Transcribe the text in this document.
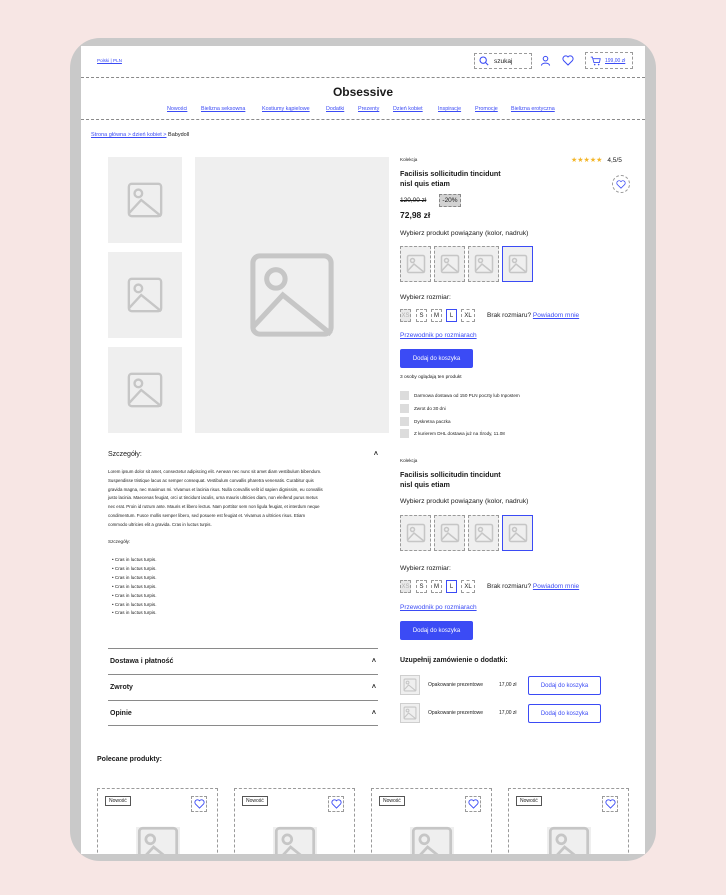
Polski | PLN	szukaj	199,00 zł
Obsessive
Nowości	Bielizna seksowna	Kostiumy kąpielowe	Dodatki	Prezenty	Dzień kobiet	Inspiracje	Promocje Bielizna erotyczna
Strona główna > dzień kobiet > Babydoll
Kolekcja	★★★★★ 4,5/5
Facilisis sollicitudin tincidunt
nisl quis etiam
120,00 zł	-20%
72,98 zł
Wybierz produkt powiązany (kolor, nadruk)
Wybierz rozmiar:
XS	S	M	L	XL	Brak rozmiaru? Powiadom mnie
Przewodnik po rozmiarach
Dodaj do koszyka
3 osoby oglądają ten produkt
Darmowa dostawa od 150 PLN poczty lub Inpostem
Zwrot do 30 dni
Dyskretna paczka
Z kurierem DHL dostawa już na Środy, 11.08
Szczegóły:	˄
Lorem ipsum dolor sit amet, consectetur adipiscing elit. Aenean nec nunc sit amet diam vestibulum bibendum.
Suspendisse tristique lacus ac semper consequat. Vestibulum convallis pharetra venenatis. Curabitur quis
gravida magna, nec maximus mi. Vivamus et lacinia risus. Nulla convallis velit id sapien dignissim, eu convallis
justo lacinia. Maecenas feugiat, orci ut tincidunt iaculis, urna mauris ultricies diam, non eleifend purus metus
nec erat. Proin id rutrum ante. Mauris et libero lectus. Nam porttitor sem non ligula feugiat, et interdum neque
condimentum. Fusce mollis semper libero, sed posuere est feugiat et. Vivamus a ultricies risus. Etiam
commodo ultricies elit a gravida. Cras in luctus turpis.
Szczegóły:
• Cras in luctus turpis.
• Cras in luctus turpis.
• Cras in luctus turpis.
• Cras in luctus turpis.
• Cras in luctus turpis.
• Cras in luctus turpis.
• Cras in luctus turpis.
Dostawa i płatność	˄
Zwroty	˄
Opinie	˄
Kolekcja
Facilisis sollicitudin tincidunt
nisl quis etiam
Wybierz produkt powiązany (kolor, nadruk)
Wybierz rozmiar:
XS	S	M	L	XL	Brak rozmiaru? Powiadom mnie
Przewodnik po rozmiarach
Dodaj do koszyka
Uzupełnij zamówienie o dodatki:
Opakowanie prezentowe	17,00 zł	Dodaj do koszyka
Opakowanie prezentowe	17,00 zł	Dodaj do koszyka
Polecane produkty:
Nowość	Nowość	Nowość	Nowość
